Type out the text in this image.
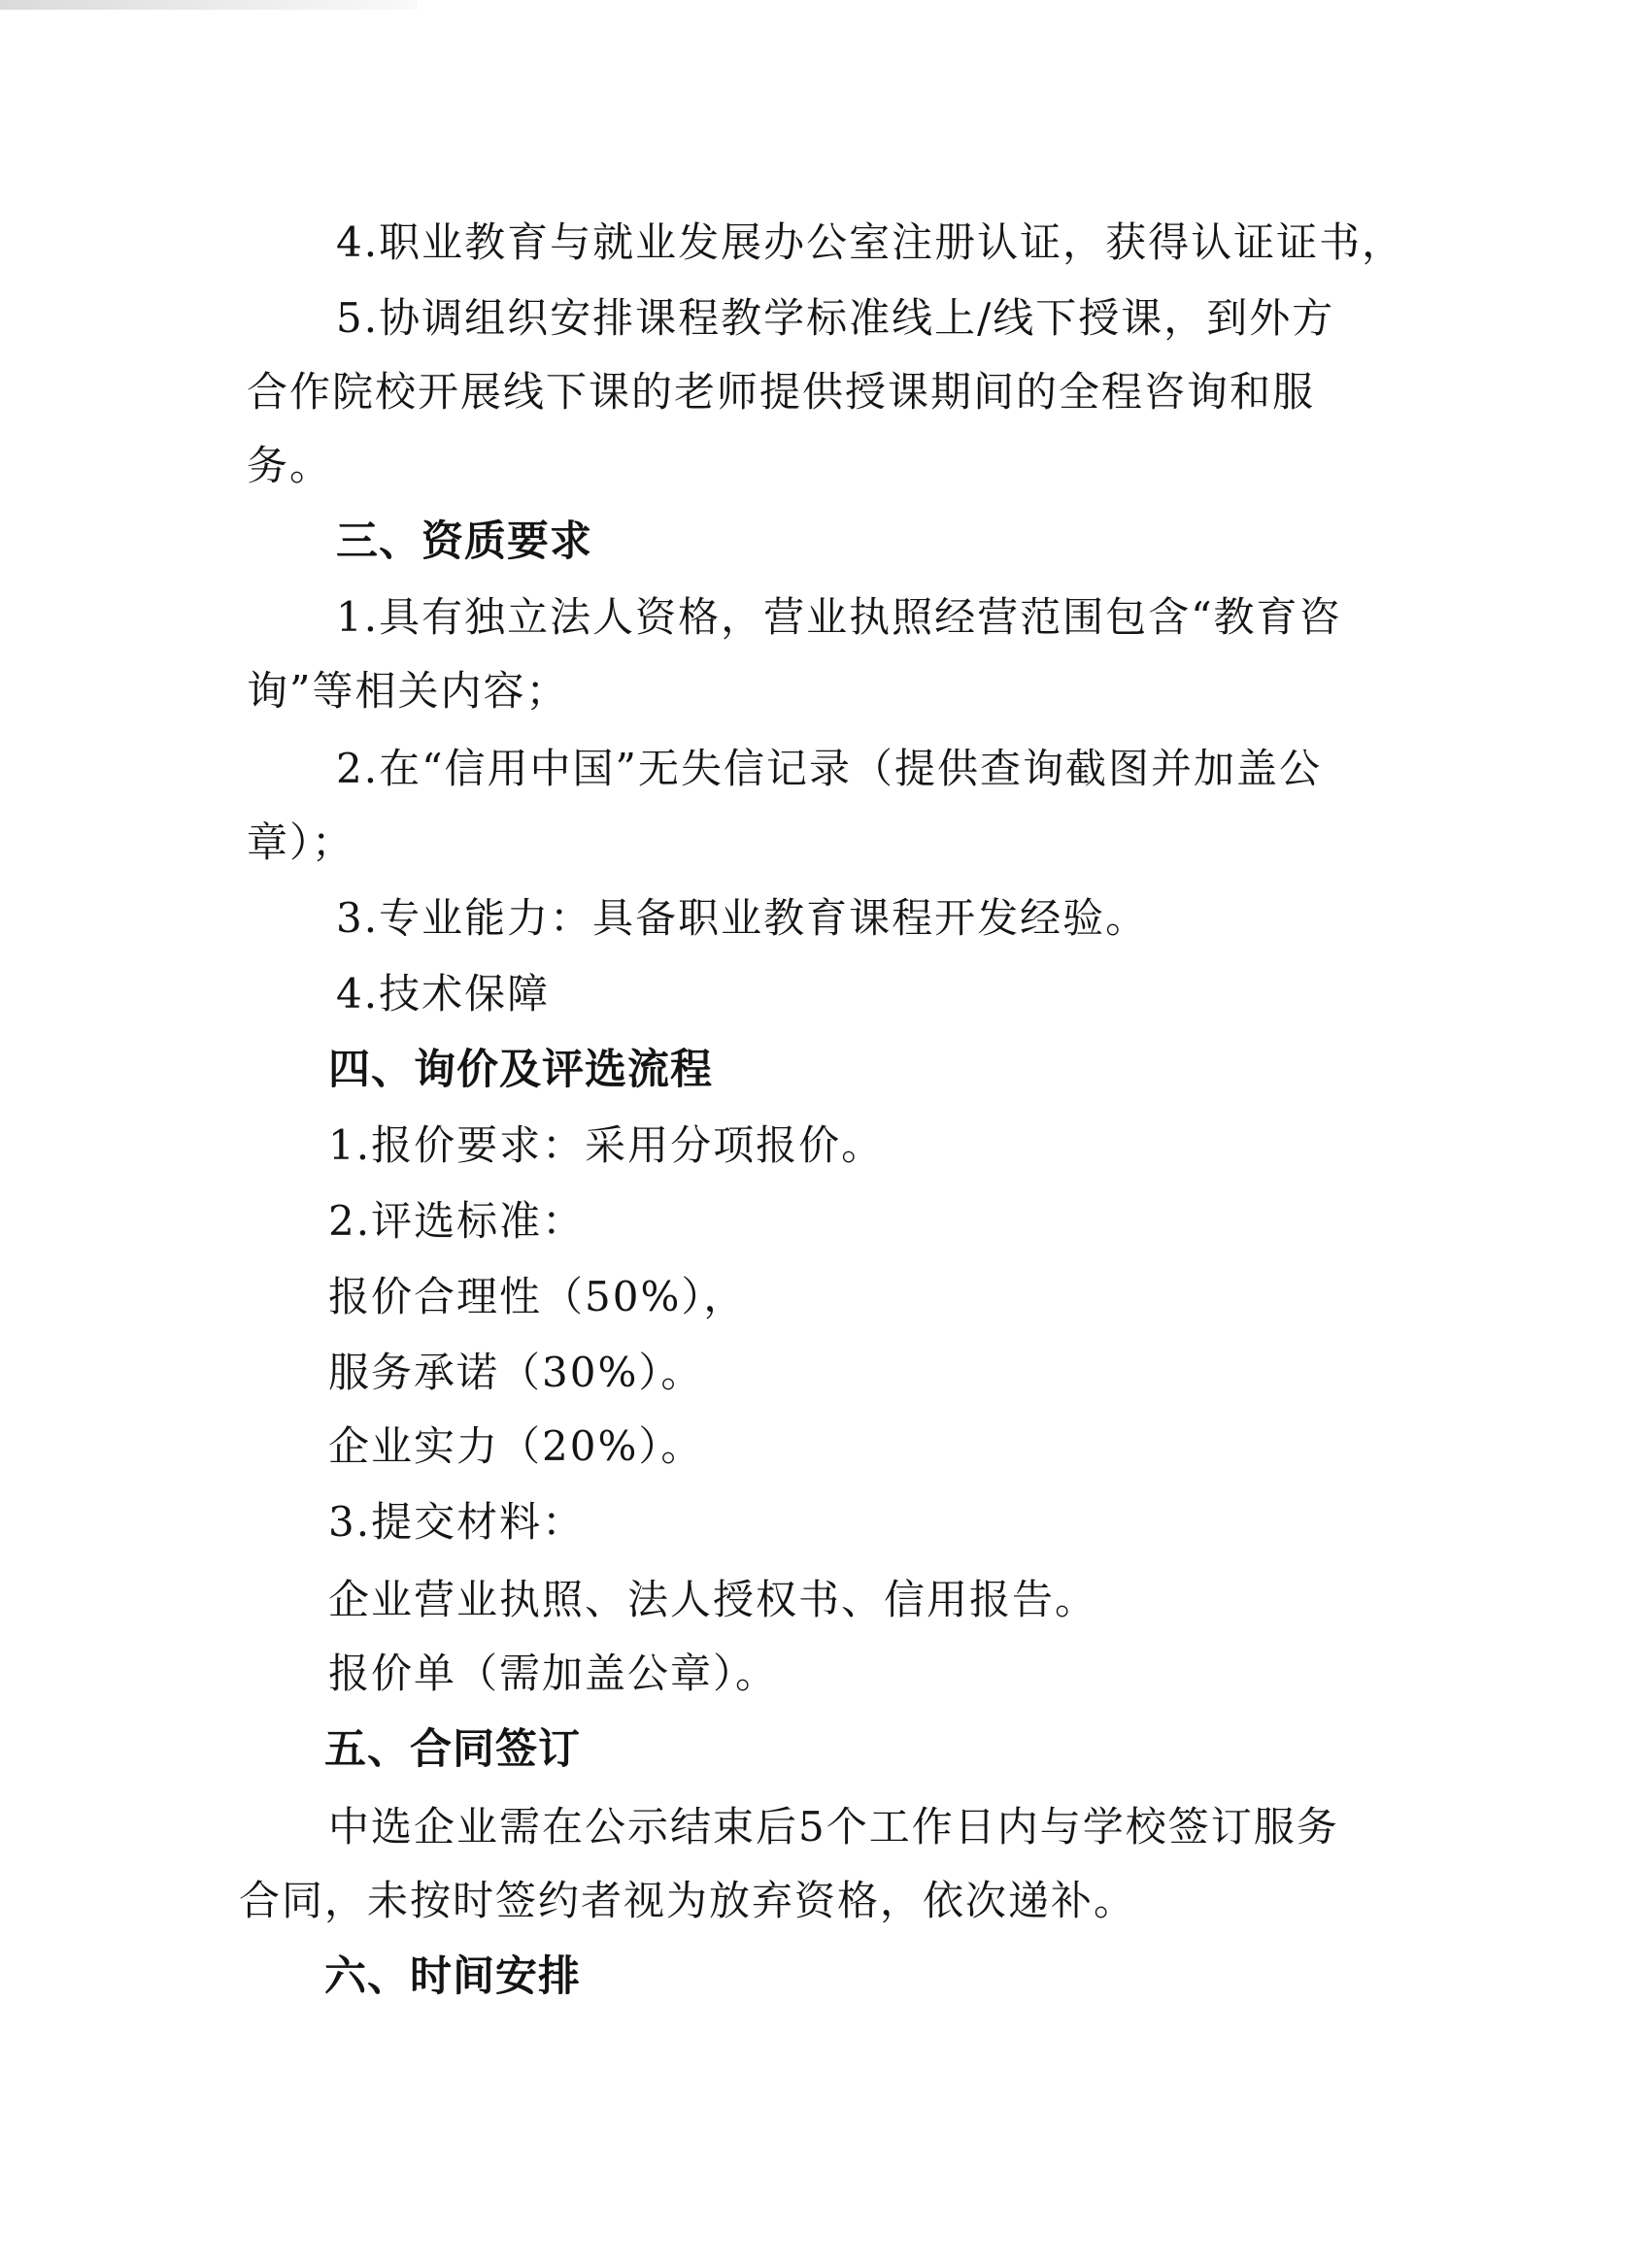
4.职业教育与就业发展办公室注册认证，获得认证证书，
5.协调组织安排课程教学标准线上/线下授课，到外方
合作院校开展线下课的老师提供授课期间的全程咨询和服
务。
三、资质要求
1.具有独立法人资格，营业执照经营范围包含“教育咨
询”等相关内容；
2.在“信用中国”无失信记录（提供查询截图并加盖公
章）；
3.专业能力：具备职业教育课程开发经验。
4.技术保障
四、询价及评选流程
1.报价要求：采用分项报价。
2.评选标准：
报价合理性（50%），
服务承诺（30%）。
企业实力（20%）。
3.提交材料：
企业营业执照、法人授权书、信用报告。
报价单（需加盖公章）。
五、合同签订
中选企业需在公示结束后5个工作日内与学校签订服务
合同，未按时签约者视为放弃资格，依次递补。
六、时间安排
